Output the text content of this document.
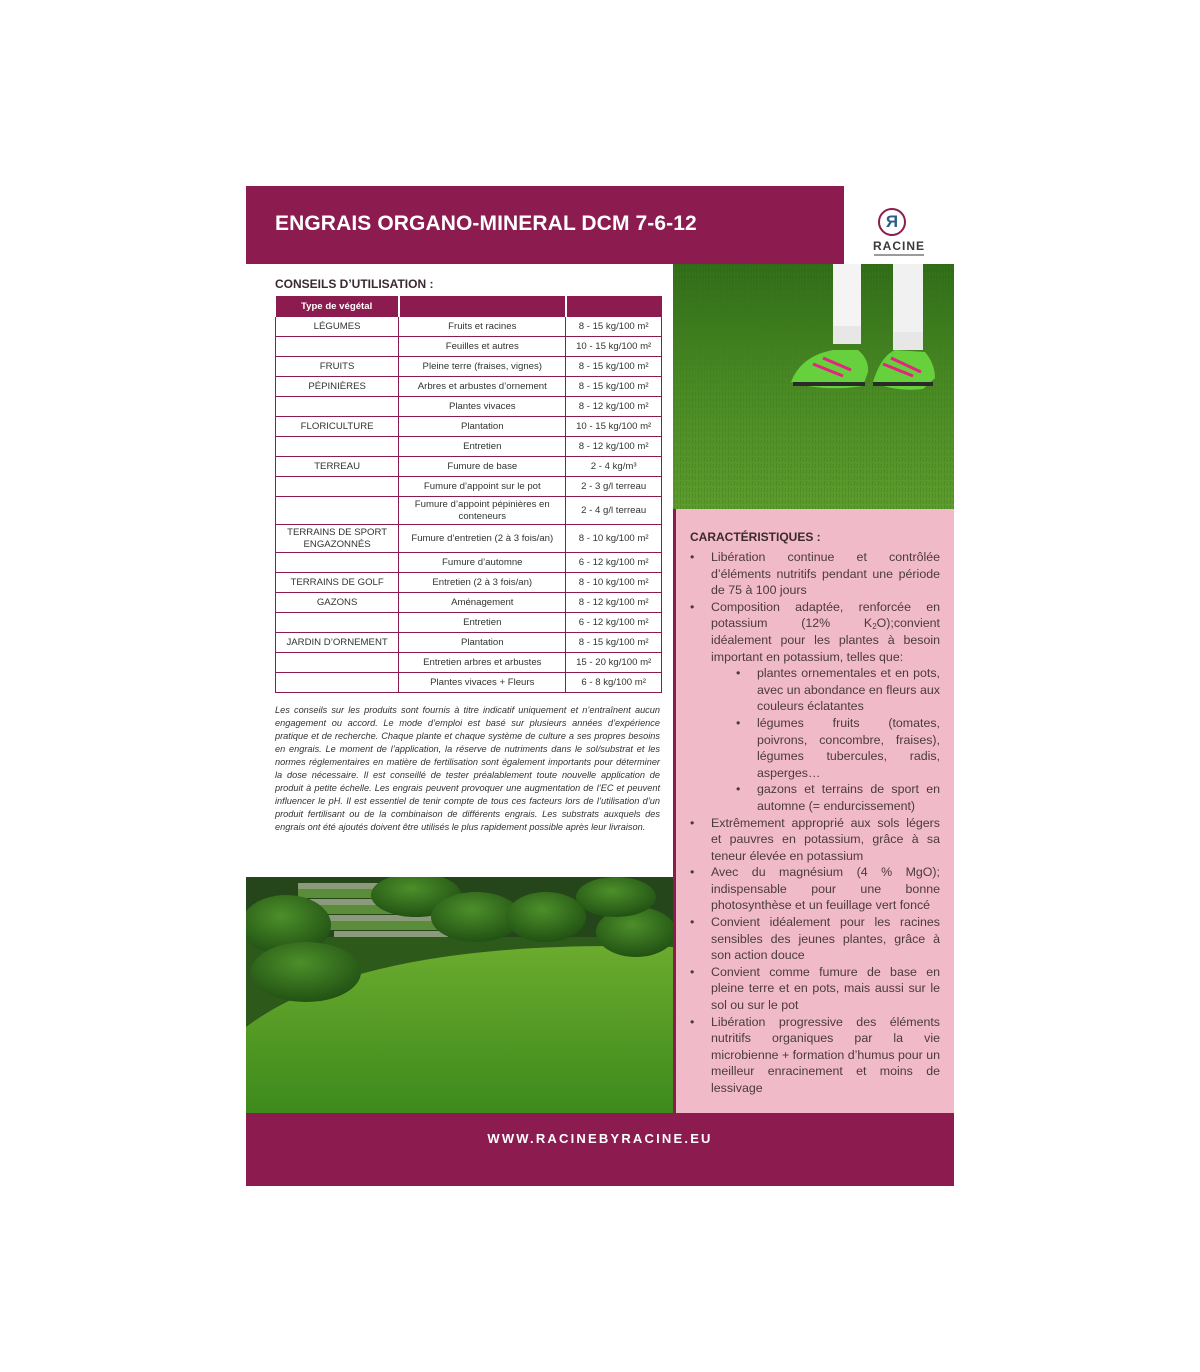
ENGRAIS ORGANO-MINERAL DCM 7-6-12	Я
RACINE
CONSEILS D’UTILISATION :
Type de végétal		
LÉGUMES	Fruits et racines	8 - 15 kg/100 m²
	Feuilles et autres	10 - 15 kg/100 m²
FRUITS	Pleine terre (fraises, vignes)	8 - 15 kg/100 m²
PÉPINIÈRES	Arbres et arbustes d’ornement	8 - 15 kg/100 m²
	Plantes vivaces	8 - 12 kg/100 m²
FLORICULTURE	Plantation	10 - 15 kg/100 m²
	Entretien	8 - 12 kg/100 m²
TERREAU	Fumure de base	2 - 4 kg/m³
	Fumure d’appoint sur le pot	2 - 3 g/l terreau
	Fumure d’appoint pépinières en conteneurs	2 - 4 g/l terreau
TERRAINS DE SPORT ENGAZONNÉS	Fumure d’entretien (2 à 3 fois/an)	8 - 10 kg/100 m²
	Fumure d’automne	6 - 12 kg/100 m²
TERRAINS DE GOLF	Entretien (2 à 3 fois/an)	8 - 10 kg/100 m²
GAZONS	Aménagement	8 - 12 kg/100 m²
	Entretien	6 - 12 kg/100 m²
JARDIN D’ORNEMENT	Plantation	8 - 15 kg/100 m²
	Entretien arbres et arbustes	15 - 20 kg/100 m²
	Plantes vivaces + Fleurs	6 - 8 kg/100 m²
Les conseils sur les produits sont fournis à titre indicatif uniquement et n’entraînent aucun engagement ou accord. Le mode d’emploi est basé sur plusieurs années d’expérience pratique et de recherche. Chaque plante et chaque système de culture a ses propres besoins en engrais. Le moment de l’application, la réserve de nutriments dans le sol/substrat et les normes réglementaires en matière de fertilisation sont également importants pour déterminer la dose nécessaire. Il est conseillé de tester préalablement toute nouvelle application de produit à petite échelle. Les engrais peuvent provoquer une augmentation de l’EC et peuvent influencer le pH. Il est essentiel de tenir compte de tous ces facteurs lors de l’utilisation d’un produit fertilisant ou de la combinaison de différents engrais. Les substrats auxquels des engrais ont été ajoutés doivent être utilisés le plus rapidement possible après leur livraison.
CARACTÉRISTIQUES :
• Libération continue et contrôlée d’éléments nutritifs pendant une période de 75 à 100 jours
• Composition adaptée, renforcée en potassium (12% $K_2O);convient$ idéalement pour les plantes à besoin important en potassium, telles que:
• plantes ornementales et en pots, avec un abondance en fleurs aux couleurs éclatantes
• légumes fruits (tomates, poivrons, concombre, fraises), légumes tubercules, radis, asperges…
• gazons et terrains de sport en automne (= endurcissement)
• Extrêmement approprié aux sols légers et pauvres en potassium, grâce à sa teneur élevée en potassium
• Avec du magnésium (4 % MgO); indispensable pour une bonne photosynthèse et un feuillage vert foncé
• Convient idéalement pour les racines sensibles des jeunes plantes, grâce à son action douce
• Convient comme fumure de base en pleine terre et en pots, mais aussi sur le sol ou sur le pot
• Libération progressive des éléments nutritifs organiques par la vie microbienne + formation d’humus pour un meilleur enracinement et moins de lessivage
WWW.RACINEBYRACINE.EU
